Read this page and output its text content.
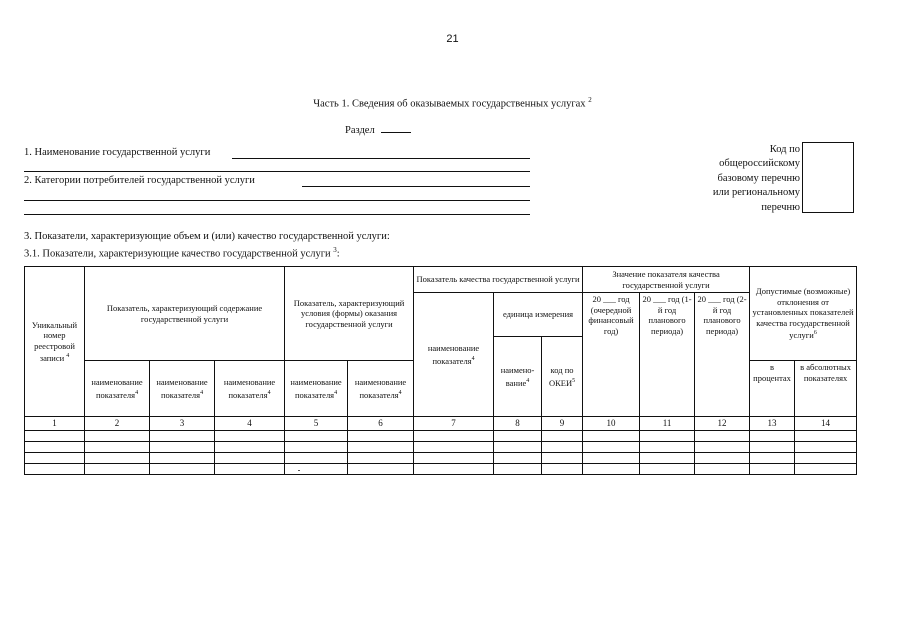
21
Часть 1. Сведения об оказываемых государственных услугах $^2$
Раздел
1. Наименование государственной услуги
2. Категории потребителей государственной услуги
Код по
общероссийскому
базовому перечню
или региональному
перечню
3. Показатели, характеризующие объем и (или) качество государственной услуги:
3.1. Показатели, характеризующие качество государственной услуги $^3$:
Уникальный номер реестровой записи $^4$	Показатель, характеризующий содержание государственной услуги			Показатель, характеризующий условия (формы) оказания государственной услуги		Показатель качества государственной услуги			Значение показателя качества государственной услуги			Допустимые (возможные) отклонения от установленных показателей качества государственной услуги$^6$
						наименование показателя$^4$	единица измерения		20 ___ год (очередной финансовый год)	20 ___ год (1-й год планового периода)	20 ___ год (2-й год планового периода)		
							наимено-вание$^4$	код по ОКЕИ$^5$
	наименование показателя$^4$	наименование показателя$^4$	наименование показателя$^4$	наименование показателя$^4$	наименование показателя$^4$							в процентах	в абсолютных показателях
1	2	3	4	5	6	7	8	9	10	11	12	13	14
